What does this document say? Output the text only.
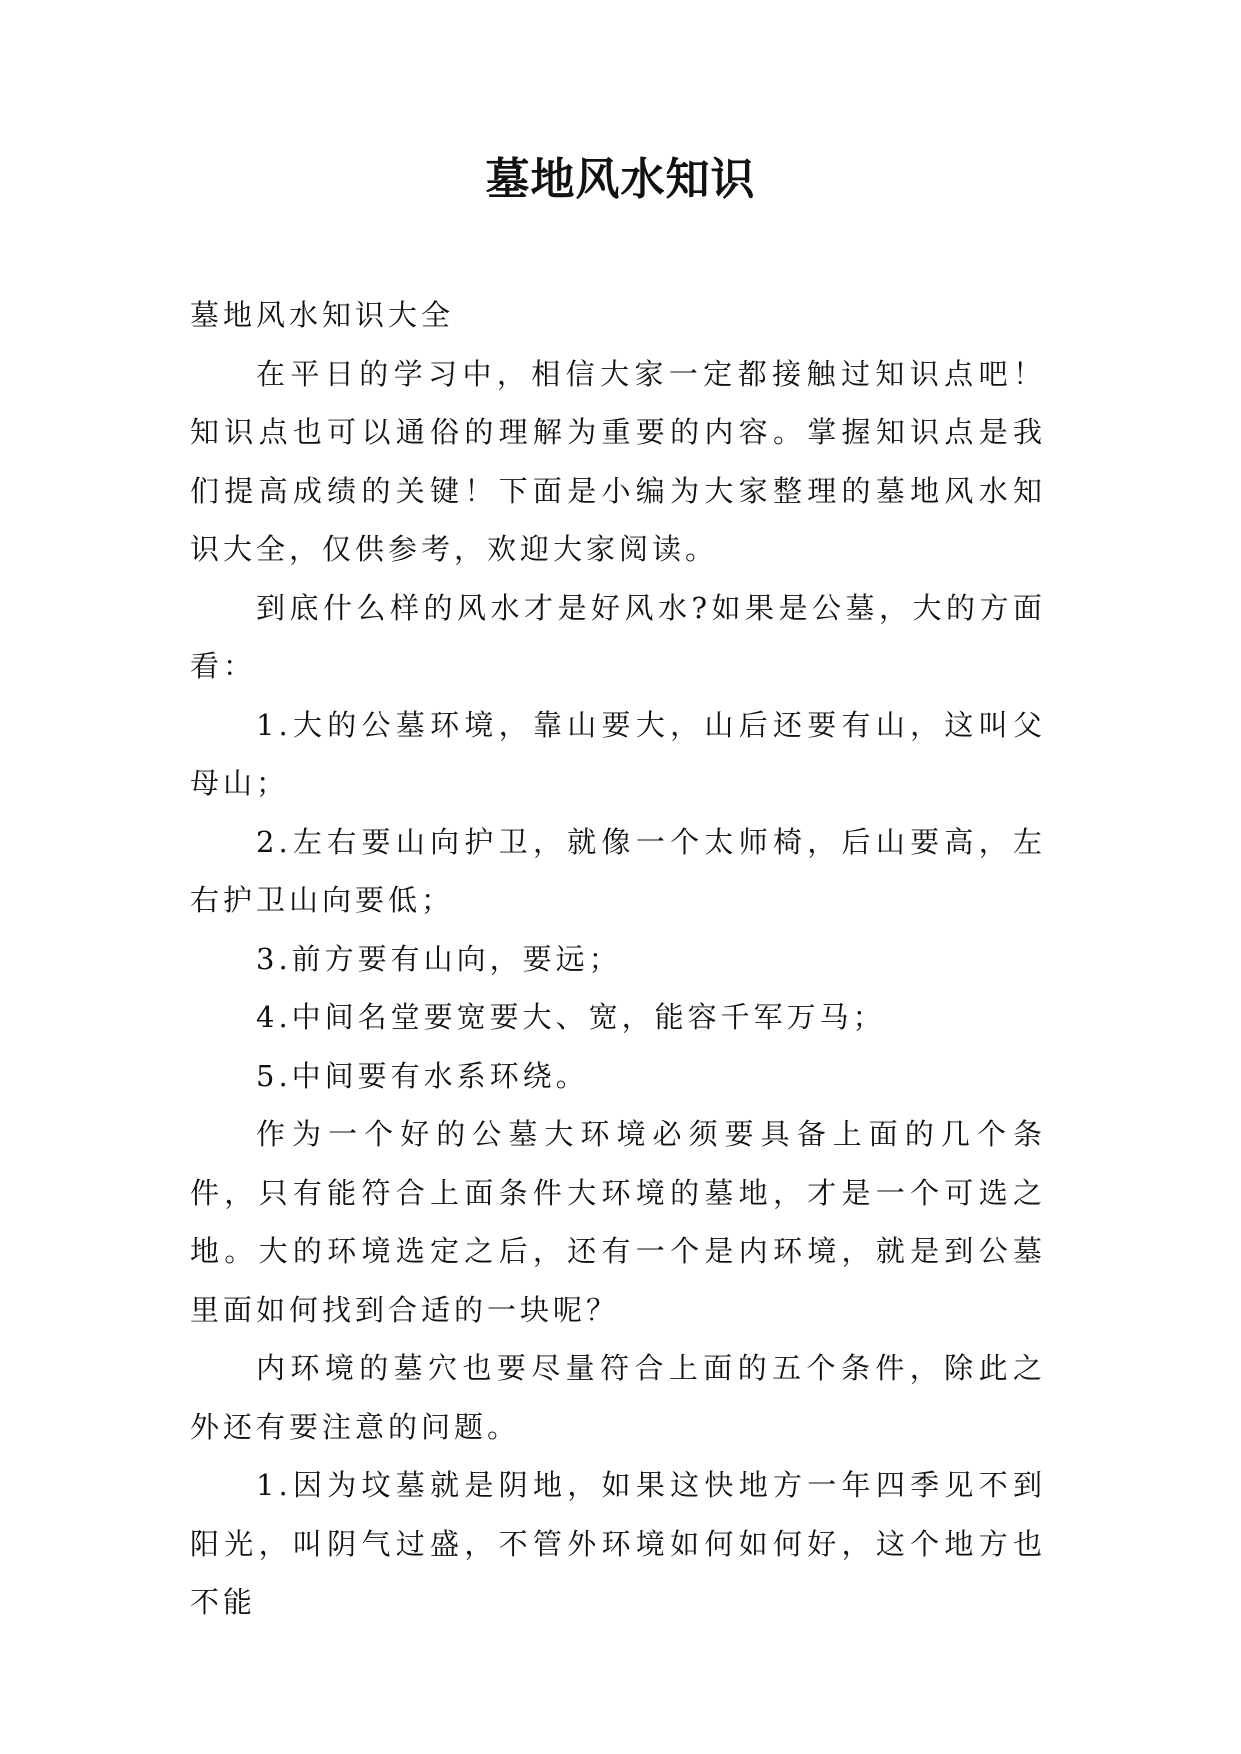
墓地风水知识

墓地风水知识大全

在平日的学习中，相信大家一定都接触过知识点吧！知识点也可以通俗的理解为重要的内容。掌握知识点是我们提高成绩的关键！下面是小编为大家整理的墓地风水知识大全，仅供参考，欢迎大家阅读。

到底什么样的风水才是好风水?如果是公墓，大的方面看：

1.大的公墓环境，靠山要大，山后还要有山，这叫父母山；

2.左右要山向护卫，就像一个太师椅，后山要高，左右护卫山向要低；

3.前方要有山向，要远；

4.中间名堂要宽要大、宽，能容千军万马；

5.中间要有水系环绕。

作为一个好的公墓大环境必须要具备上面的几个条件，只有能符合上面条件大环境的墓地，才是一个可选之地。大的环境选定之后，还有一个是内环境，就是到公墓里面如何找到合适的一块呢？

内环境的墓穴也要尽量符合上面的五个条件，除此之外还有要注意的问题。

1.因为坟墓就是阴地，如果这快地方一年四季见不到阳光，叫阴气过盛，不管外环境如何如何好，这个地方也不能
